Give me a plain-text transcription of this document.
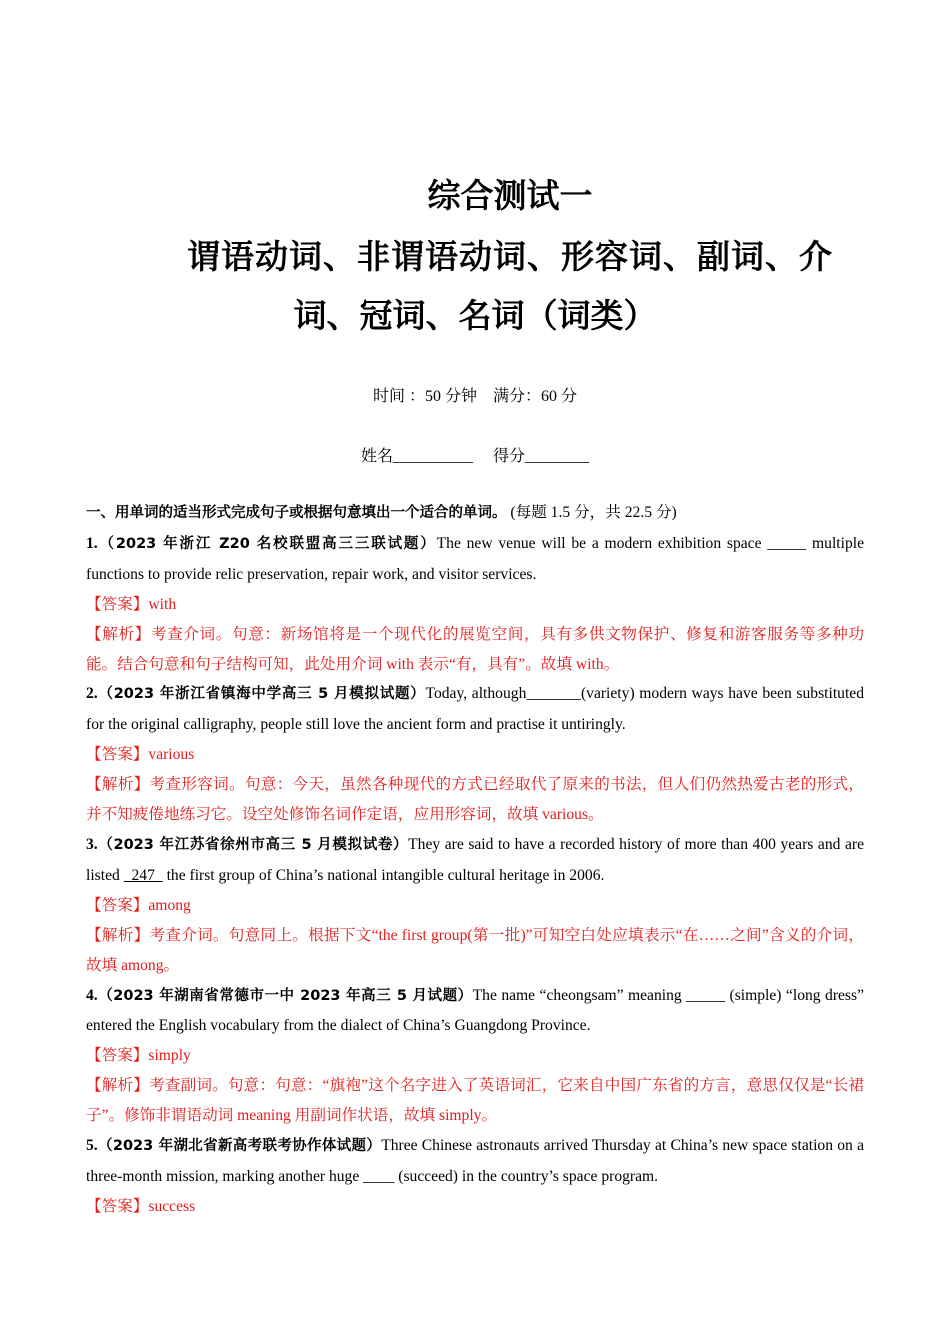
综合测试一
谓语动词、非谓语动词、形容词、副词、介
词、冠词、名词（词类）
时间 ：50 分钟 满分：60 分
姓名__________ 得分________

一、用单词的适当形式完成句子或根据句意填出一个适合的单词。 (每题 1.5 分，共 22.5 分)

1.（2023 年浙江 Z20 名校联盟高三三联试题）The new venue will be a modern exhibition space _____ multiple functions to provide relic preservation, repair work, and visitor services.

【答案】with

【解析】考查介词。句意：新场馆将是一个现代化的展览空间，具有多供文物保护、修复和游客服务等多种功能。结合句意和句子结构可知，此处用介词 with 表示“有，具有”。故填 with。

2.（2023 年浙江省镇海中学高三 5 月模拟试题）Today, although_______(variety) modern ways have been substituted for the original calligraphy, people still love the ancient form and practise it untiringly.

【答案】various

【解析】考查形容词。句意：今天，虽然各种现代的方式已经取代了原来的书法，但人们仍然热爱古老的形式，并不知疲倦地练习它。设空处修饰名词作定语，应用形容词，故填 various。

3.（2023 年江苏省徐州市高三 5 月模拟试卷）They are said to have a recorded history of more than 400 years and are listed   247   the first group of China’s national intangible cultural heritage in 2006.

【答案】among

【解析】考查介词。句意同上。根据下文“the first group(第一批)”可知空白处应填表示“在……之间”含义的介词，故填 among。

4.（2023 年湖南省常德市一中 2023 年高三 5 月试题）The name “cheongsam” meaning _____ (simple) “long dress” entered the English vocabulary from the dialect of China’s Guangdong Province.

【答案】simply

【解析】考查副词。句意：句意：“旗袍”这个名字进入了英语词汇，它来自中国广东省的方言，意思仅仅是“长裙子”。修饰非谓语动词 meaning 用副词作状语，故填 simply。

5.（2023 年湖北省新高考联考协作体试题）Three Chinese astronauts arrived Thursday at China’s new space station on a three-month mission, marking another huge ____ (succeed) in the country’s space program.

【答案】success
